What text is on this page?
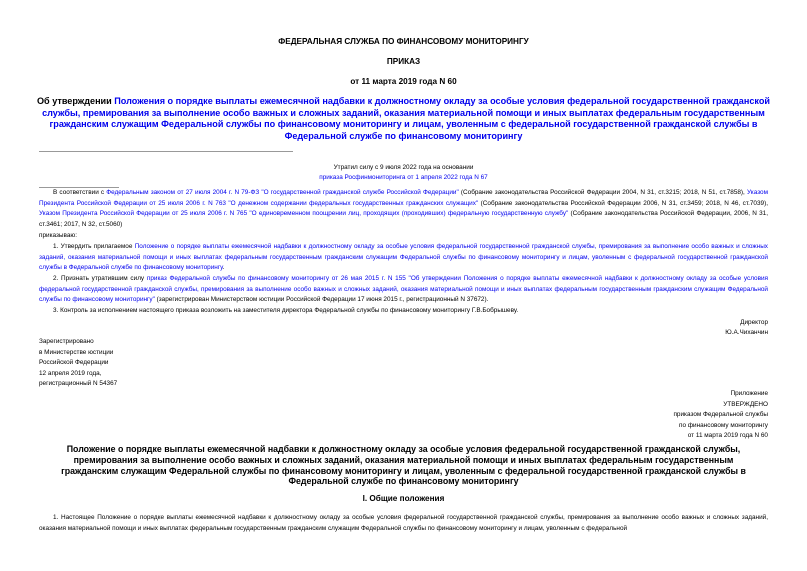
ФЕДЕРАЛЬНАЯ СЛУЖБА ПО ФИНАНСОВОМУ МОНИТОРИНГУ
ПРИКАЗ
от 11 марта 2019 года N 60
Об утверждении Положения о порядке выплаты ежемесячной надбавки к должностному окладу за особые условия федеральной государственной гражданской службы, премирования за выполнение особо важных и сложных заданий, оказания материальной помощи и иных выплатах федеральным государственным гражданским служащим Федеральной службы по финансовому мониторингу и лицам, уволенным с федеральной государственной гражданской службы в Федеральной службе по финансовому мониторингу
Утратил силу с 9 июля 2022 года на основании
приказа Росфинмониторинга от 1 апреля 2022 года N 67
В соответствии с Федеральным законом от 27 июля 2004 г. N 79-ФЗ "О государственной гражданской службе Российской Федерации" (Собрание законодательства Российской Федерации 2004, N 31, ст.3215; 2018, N 51, ст.7858), Указом Президента Российской Федерации от 25 июля 2006 г. N 763 "О денежном содержании федеральных государственных гражданских служащих" (Собрание законодательства Российской Федерации 2006, N 31, ст.3459; 2018, N 46, ст.7039), Указом Президента Российской Федерации от 25 июля 2006 г. N 765 "О единовременном поощрении лиц, проходящих (проходивших) федеральную государственную службу" (Собрание законодательства Российской Федерации, 2006, N 31, ст.3461; 2017, N 32, ст.5060)
приказываю:
1. Утвердить прилагаемое Положение о порядке выплаты ежемесячной надбавки к должностному окладу за особые условия федеральной государственной гражданской службы, премирования за выполнение особо важных и сложных заданий, оказания материальной помощи и иных выплатах федеральным государственным гражданским служащим Федеральной службы по финансовому мониторингу и лицам, уволенным с федеральной государственной гражданской службы в Федеральной службе по финансовому мониторингу.
2. Признать утратившим силу приказ Федеральной службы по финансовому мониторингу от 26 мая 2015 г. N 155 "Об утверждении Положения о порядке выплаты ежемесячной надбавки к должностному окладу за особые условия федеральной государственной гражданской службы, премирования за выполнение особо важных и сложных заданий, оказания материальной помощи и иных выплатах федеральным государственным гражданским служащим Федеральной службы по финансовому мониторингу" (зарегистрирован Министерством юстиции Российской Федерации 17 июня 2015 г., регистрационный N 37672).
3. Контроль за исполнением настоящего приказа возложить на заместителя директора Федеральной службы по финансовому мониторингу Г.В.Бобрышеву.
Директор
Ю.А.Чиханчин
Зарегистрировано
в Министерстве юстиции
Российской Федерации
12 апреля 2019 года,
регистрационный N 54367
Приложение
УТВЕРЖДЕНО
приказом Федеральной службы
по финансовому мониторингу
от 11 марта 2019 года N 60
Положение о порядке выплаты ежемесячной надбавки к должностному окладу за особые условия федеральной государственной гражданской службы, премирования за выполнение особо важных и сложных заданий, оказания материальной помощи и иных выплатах федеральным государственным гражданским служащим Федеральной службы по финансовому мониторингу и лицам, уволенным с федеральной государственной гражданской службы в Федеральной службе по финансовому мониторингу
I. Общие положения
1. Настоящее Положение о порядке выплаты ежемесячной надбавки к должностному окладу за особые условия федеральной государственной гражданской службы, премирования за выполнение особо важных и сложных заданий, оказания материальной помощи и иных выплатах федеральным государственным гражданским служащим Федеральной службы по финансовому мониторингу и лицам, уволенным с федеральной
